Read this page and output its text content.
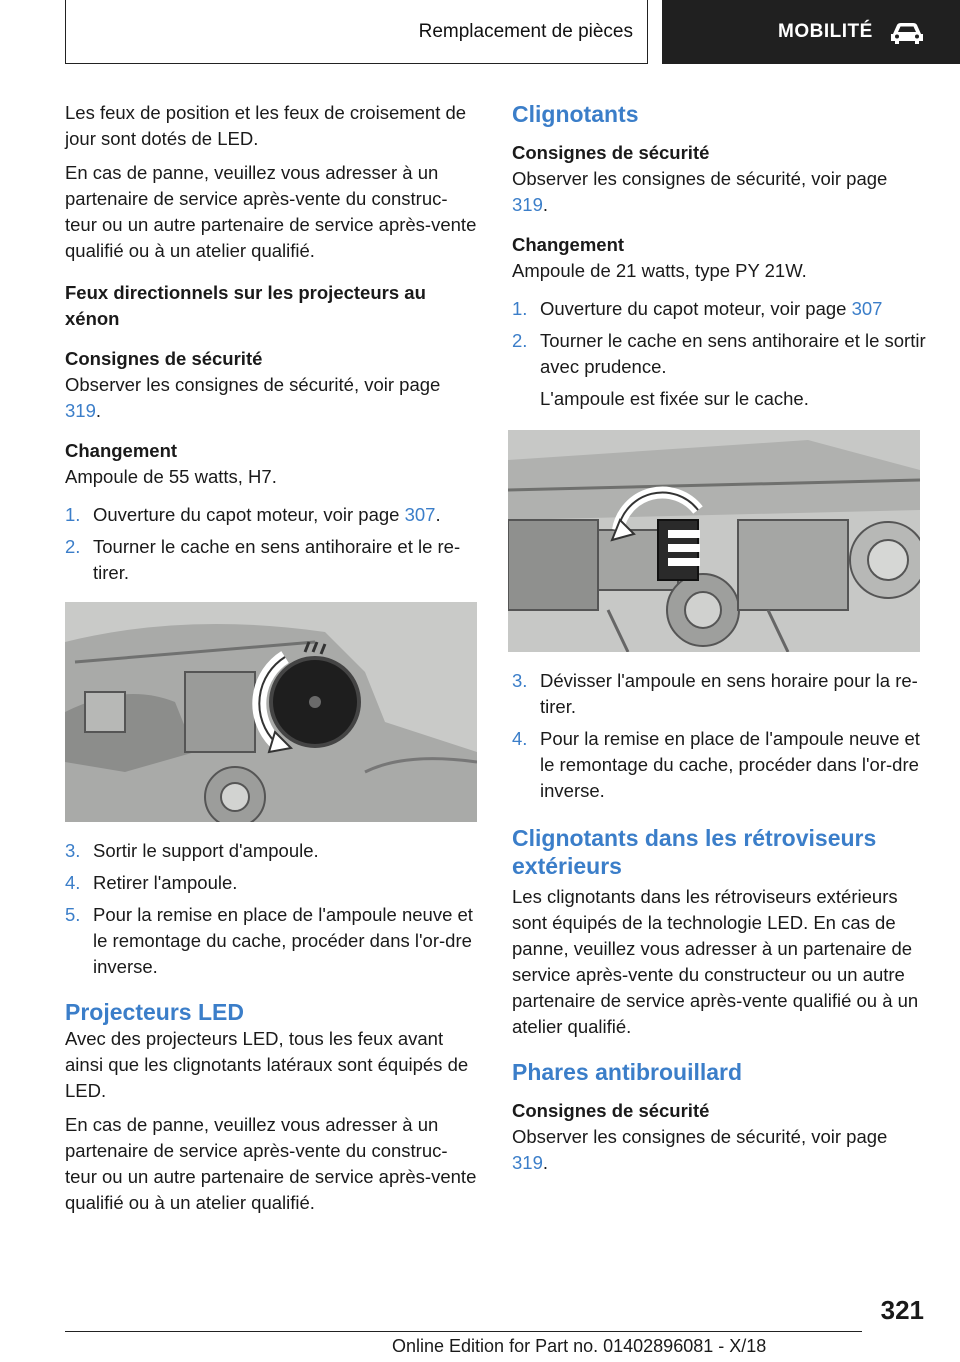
Remplacement de pièces	MOBILITÉ

Les feux de position et les feux de croisement de jour sont dotés de LED.

En cas de panne, veuillez vous adresser à un partenaire de service après-vente du construc-teur ou un autre partenaire de service après-vente qualifié ou à un atelier qualifié.

Feux directionnels sur les projecteurs au xénon

Consignes de sécurité

Observer les consignes de sécurité, voir page 319.

Changement

Ampoule de 55 watts, H7.

1. Ouverture du capot moteur, voir page 307.
2. Tourner le cache en sens antihoraire et le re-tirer.
3. Sortir le support d'ampoule.
4. Retirer l'ampoule.
5. Pour la remise en place de l'ampoule neuve et le remontage du cache, procéder dans l'or-dre inverse.

Projecteurs LED

Avec des projecteurs LED, tous les feux avant ainsi que les clignotants latéraux sont équipés de LED.

En cas de panne, veuillez vous adresser à un partenaire de service après-vente du construc-teur ou un autre partenaire de service après-vente qualifié ou à un atelier qualifié.

Clignotants

Consignes de sécurité

Observer les consignes de sécurité, voir page 319.

Changement

Ampoule de 21 watts, type PY 21W.

1. Ouverture du capot moteur, voir page 307
2. Tourner le cache en sens antihoraire et le sortir avec prudence.

L'ampoule est fixée sur le cache.

3. Dévisser l'ampoule en sens horaire pour la re-tirer.
4. Pour la remise en place de l'ampoule neuve et le remontage du cache, procéder dans l'or-dre inverse.

Clignotants dans les rétroviseurs extérieurs

Les clignotants dans les rétroviseurs extérieurs sont équipés de la technologie LED. En cas de panne, veuillez vous adresser à un partenaire de service après-vente du constructeur ou un autre partenaire de service après-vente qualifié ou à un atelier qualifié.

Phares antibrouillard

Consignes de sécurité

Observer les consignes de sécurité, voir page 319.

321
Online Edition for Part no. 01402896081 - X/18
